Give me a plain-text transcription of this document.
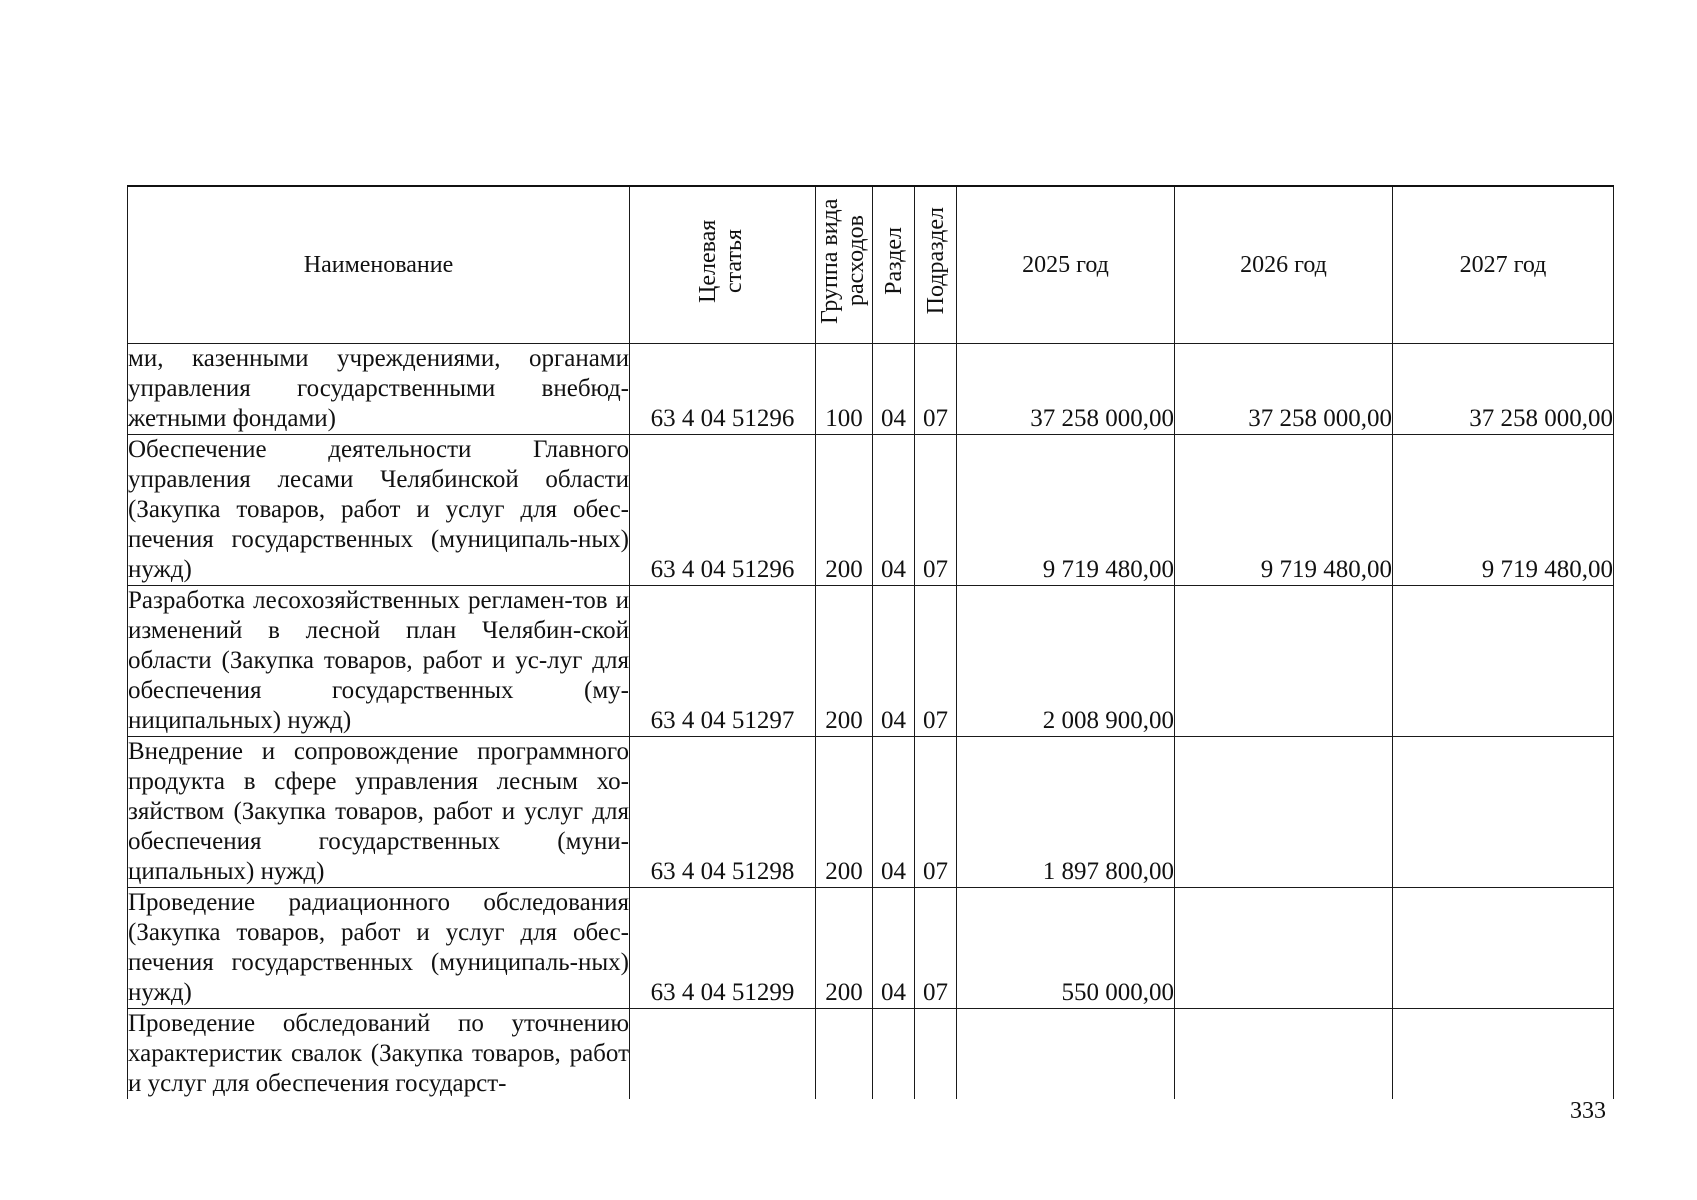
Наименование	Целевая статья	Группа вида расходов	Раздел	Подраздел	2025 год	2026 год	2027 год

ми, казенными учреждениями, органами управления государственными внебюд-жетными фондами)	63 4 04 51296	100	04	07	37 258 000,00	37 258 000,00	37 258 000,00

Обеспечение деятельности Главного управления лесами Челябинской области (Закупка товаров, работ и услуг для обес-печения государственных (муниципаль-ных) нужд)	63 4 04 51296	200	04	07	9 719 480,00	9 719 480,00	9 719 480,00

Разработка лесохозяйственных регламен-тов и изменений в лесной план Челябин-ской области (Закупка товаров, работ и ус-луг для обеспечения государственных (му-ниципальных) нужд)	63 4 04 51297	200	04	07	2 008 900,00		

Внедрение и сопровождение программного продукта в сфере управления лесным хо-зяйством (Закупка товаров, работ и услуг для обеспечения государственных (муни-ципальных) нужд)	63 4 04 51298	200	04	07	1 897 800,00		

Проведение радиационного обследования (Закупка товаров, работ и услуг для обес-печения государственных (муниципаль-ных) нужд)	63 4 04 51299	200	04	07	550 000,00		

Проведение обследований по уточнению характеристик свалок (Закупка товаров, работ и услуг для обеспечения государст-							

333
